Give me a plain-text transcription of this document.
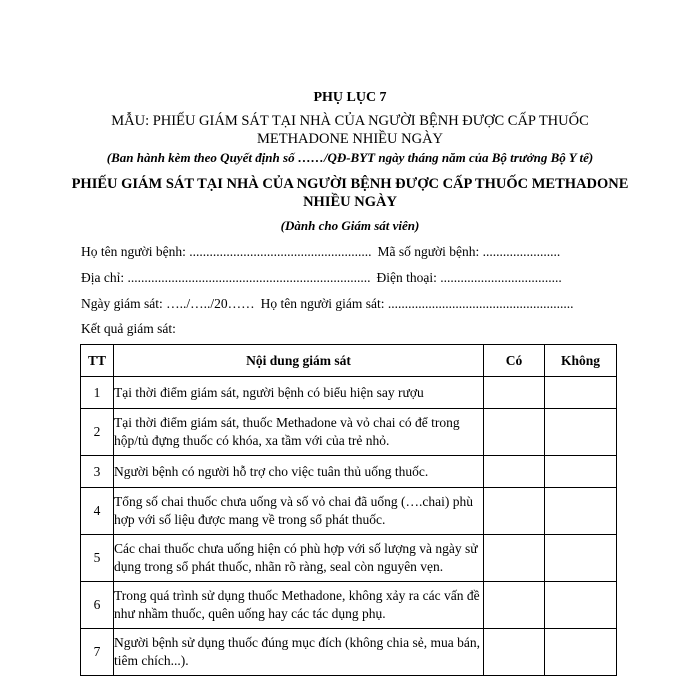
PHỤ LỤC 7
MẪU: PHIẾU GIÁM SÁT TẠI NHÀ CỦA NGƯỜI BỆNH ĐƯỢC CẤP THUỐC
METHADONE NHIỀU NGÀY
(Ban hành kèm theo Quyết định số ……/QĐ-BYT ngày tháng năm của Bộ trưởng Bộ Y tế)
PHIẾU GIÁM SÁT TẠI NHÀ CỦA NGƯỜI BỆNH ĐƯỢC CẤP THUỐC METHADONE
NHIỀU NGÀY
(Dành cho Giám sát viên)
Họ tên người bệnh: ...................................................... Mã số người bệnh: .......................
Địa chỉ: ........................................................................ Điện thoại: ....................................
Ngày giám sát: …../…../20…… Họ tên người giám sát: .......................................................
Kết quả giám sát:
TT	Nội dung giám sát	Có	Không
1	Tại thời điểm giám sát, người bệnh có biểu hiện say rượu		
2	Tại thời điểm giám sát, thuốc Methadone và vỏ chai có để trong hộp/tủ đựng thuốc có khóa, xa tầm với của trẻ nhỏ.		
3	Người bệnh có người hỗ trợ cho việc tuân thủ uống thuốc.		
4	Tổng số chai thuốc chưa uống và số vỏ chai đã uống (….chai) phù hợp với số liệu được mang về trong sổ phát thuốc.		
5	Các chai thuốc chưa uống hiện có phù hợp với số lượng và ngày sử dụng trong sổ phát thuốc, nhãn rõ ràng, seal còn nguyên vẹn.		
6	Trong quá trình sử dụng thuốc Methadone, không xảy ra các vấn đề như nhầm thuốc, quên uống hay các tác dụng phụ.		
7	Người bệnh sử dụng thuốc đúng mục đích (không chia sẻ, mua bán, tiêm chích...).		
